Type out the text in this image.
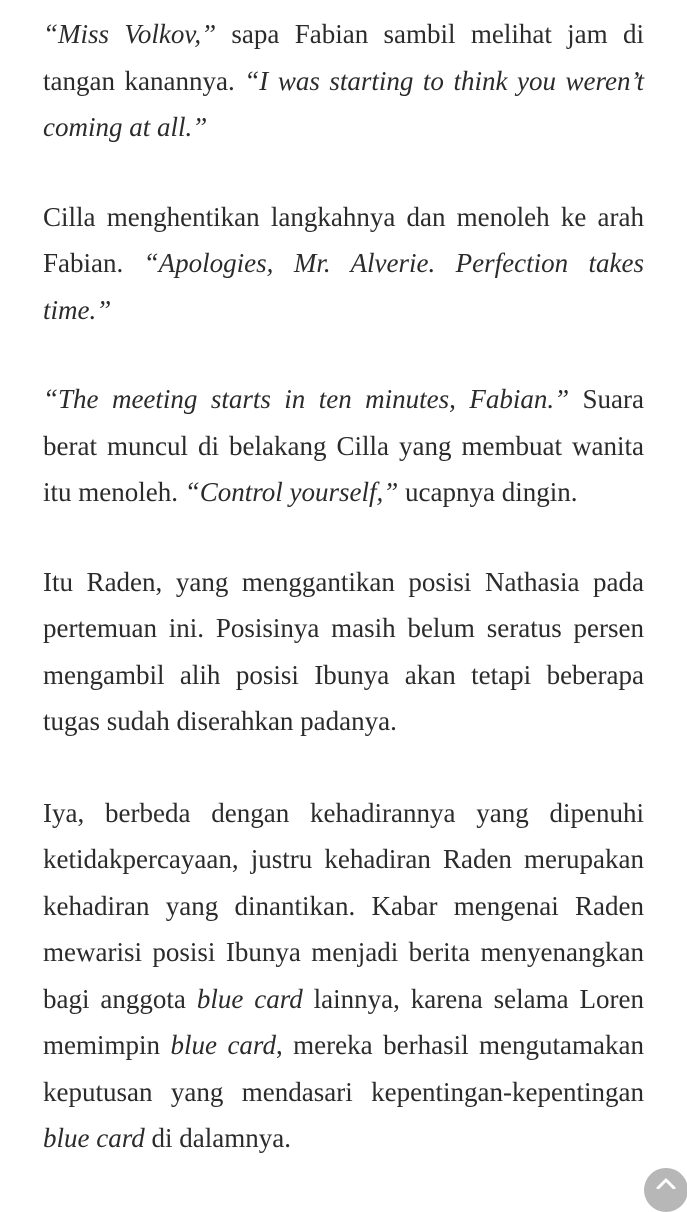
“Miss Volkov,” sapa Fabian sambil melihat jam di tangan kanannya. “I was starting to think you weren’t coming at all.”

Cilla menghentikan langkahnya dan menoleh ke arah Fabian. “Apologies, Mr. Alverie. Perfection takes time.”

“The meeting starts in ten minutes, Fabian.” Suara berat muncul di belakang Cilla yang membuat wanita itu menoleh. “Control yourself,” ucapnya dingin.

Itu Raden, yang menggantikan posisi Nathasia pada pertemuan ini. Posisinya masih belum seratus persen mengambil alih posisi Ibunya akan tetapi beberapa tugas sudah diserahkan padanya.

Iya, berbeda dengan kehadirannya yang dipenuhi ketidakpercayaan, justru kehadiran Raden merupakan kehadiran yang dinantikan. Kabar mengenai Raden mewarisi posisi Ibunya menjadi berita menyenangkan bagi anggota blue card lainnya, karena selama Loren memimpin blue card, mereka berhasil mengutamakan keputusan yang mendasari kepentingan-kepentingan blue card di dalamnya.
